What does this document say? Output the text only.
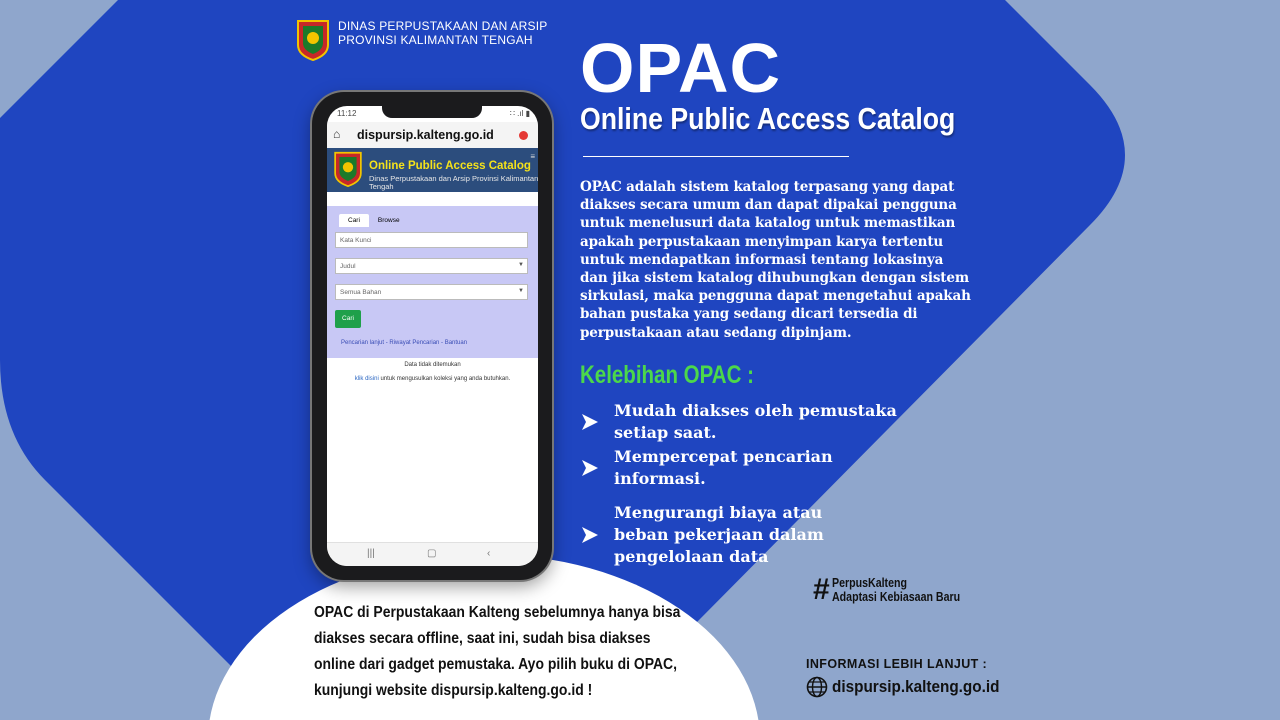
DINAS PERPUSTAKAAN DAN ARSIP
PROVINSI KALIMANTAN TENGAH OPAC
Online Public Access Catalog
OPAC adalah sistem katalog terpasang yang dapat diakses secara umum dan dapat dipakai pengguna untuk menelusuri data katalog untuk memastikan apakah perpustakaan menyimpan karya tertentu untuk mendapatkan informasi tentang lokasinya dan jika sistem katalog dihubungkan dengan sistem sirkulasi, maka pengguna dapat mengetahui apakah bahan pustaka yang sedang dicari tersedia di perpustakaan atau sedang dipinjam.
Kelebihan OPAC :
Mudah diakses oleh pemustaka
setiap saat.
Mempercepat pencarian
informasi.
Mengurangi biaya atau
beban pekerjaan dalam
pengelolaan data
# PerpusKalteng
Adaptasi Kebiasaan Baru
INFORMASI LEBIH LANJUT :
dispursip.kalteng.go.id
OPAC di Perpustakaan Kalteng sebelumnya hanya bisa diakses secara offline, saat ini, sudah bisa diakses online dari gadget pemustaka. Ayo pilih buku di OPAC, kunjungi website dispursip.kalteng.go.id !
11:12	∷ .ıl ▮
⌂ dispursip.kalteng.go.id
Online Public Access Catalog
Dinas Perpustakaan dan Arsip Provinsi Kalimantan
Tengah
≡
Cari	Browse
Kata Kunci
Judul	▼
Semua Bahan	▼
Cari
Pencarian lanjut - Riwayat Pencarian - Bantuan
Data tidak ditemukan
klik disini untuk mengusulkan koleksi yang anda butuhkan.
|||	▢	‹
